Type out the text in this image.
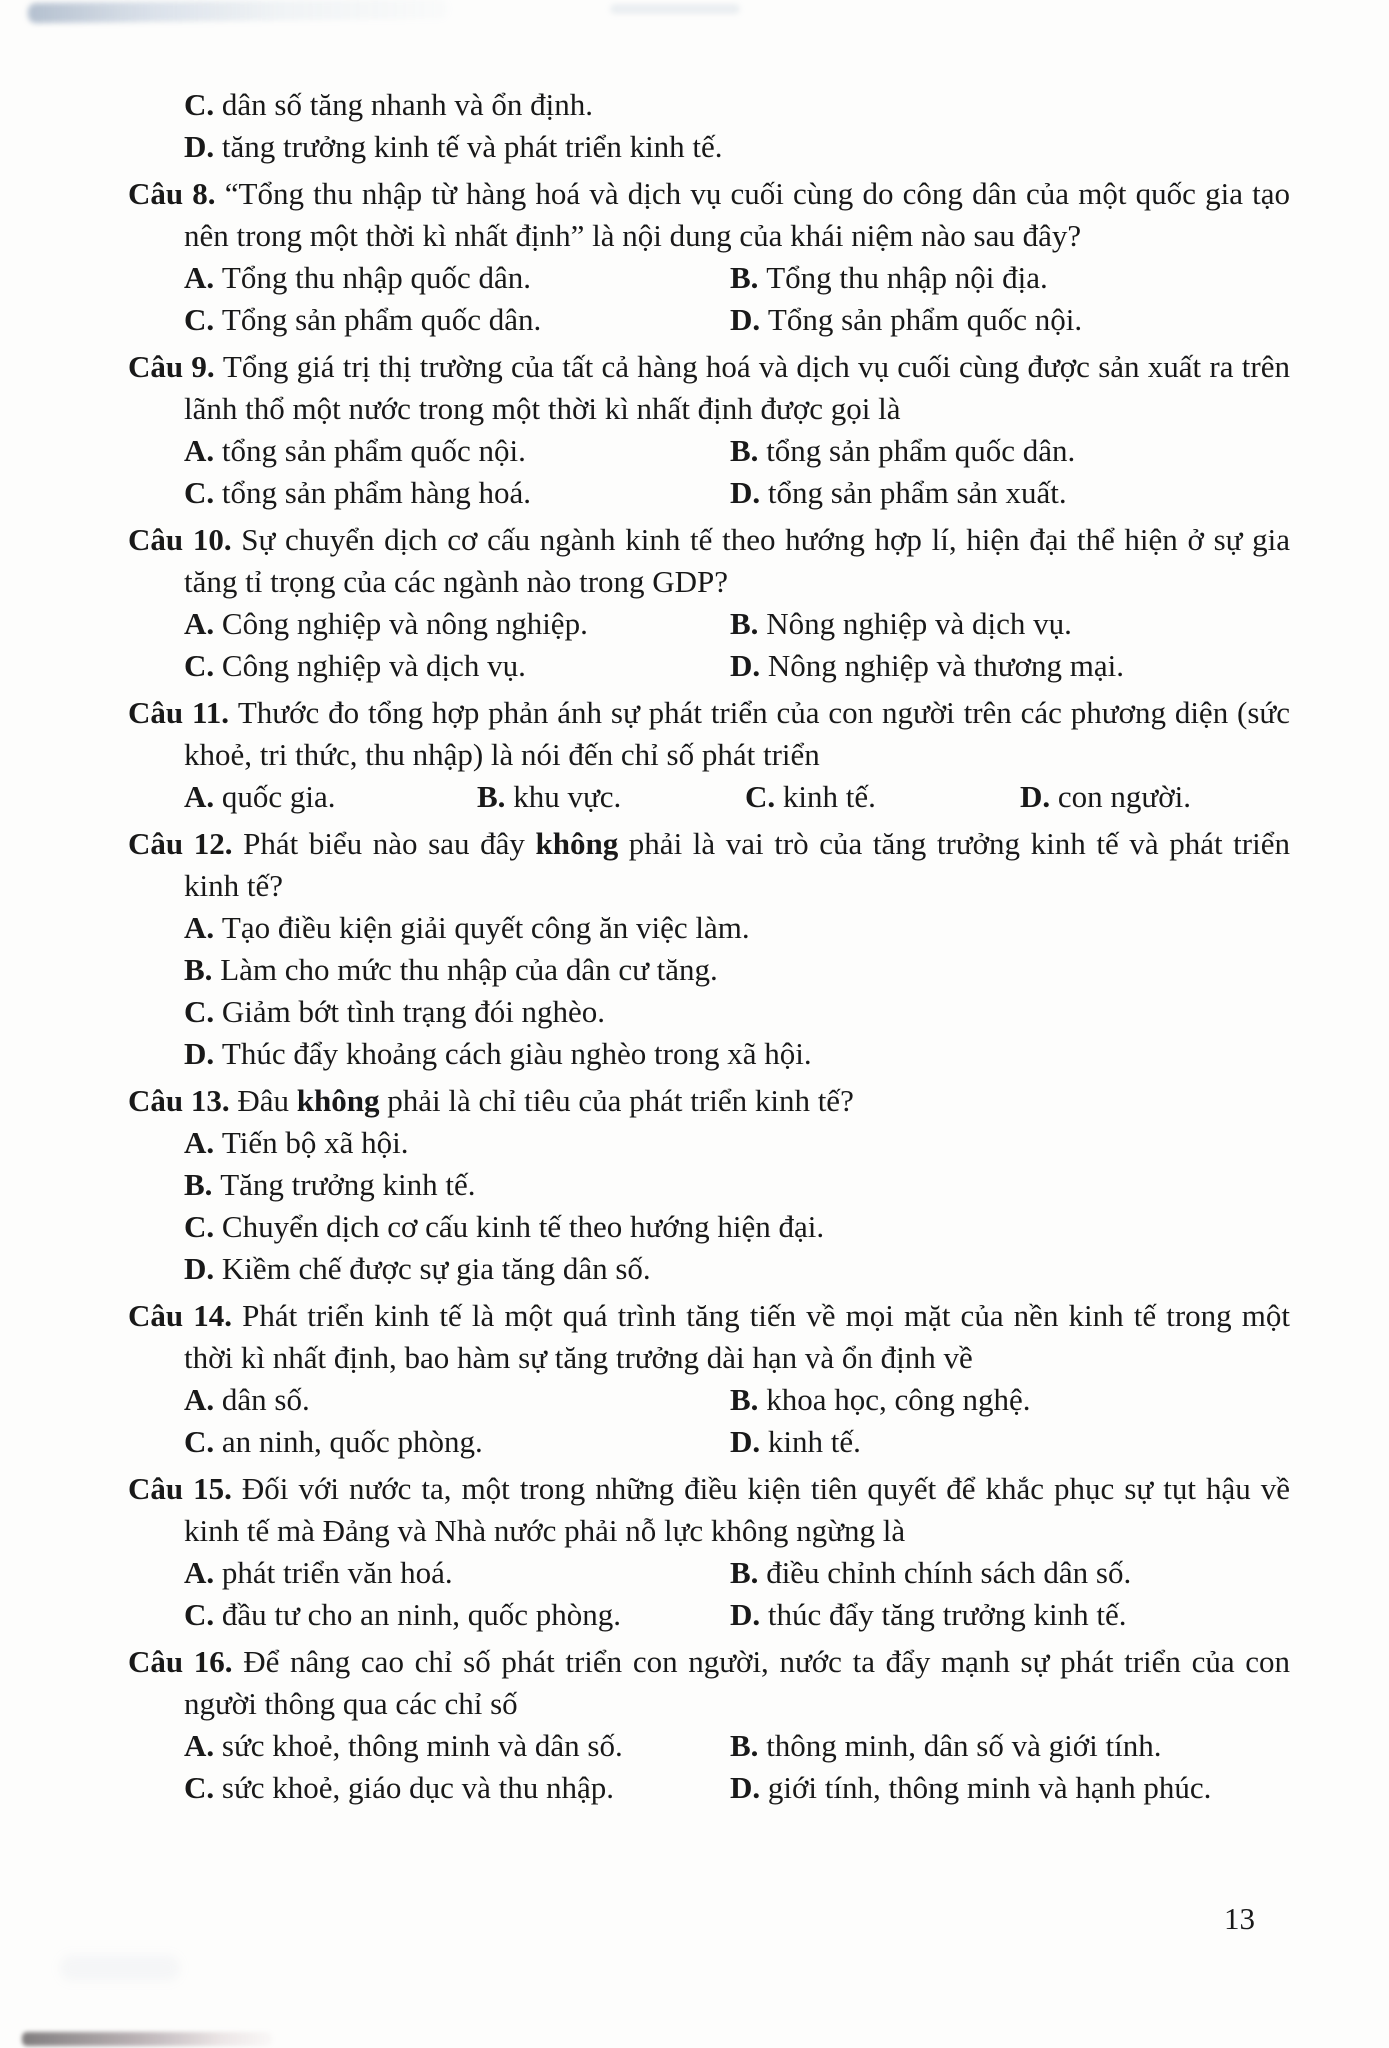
C. dân số tăng nhanh và ổn định.
D. tăng trưởng kinh tế và phát triển kinh tế.

Câu 8. “Tổng thu nhập từ hàng hoá và dịch vụ cuối cùng do công dân của một quốc gia tạo nên trong một thời kì nhất định” là nội dung của khái niệm nào sau đây?

A. Tổng thu nhập quốc dân.	B. Tổng thu nhập nội địa.
C. Tổng sản phẩm quốc dân.	D. Tổng sản phẩm quốc nội.

Câu 9. Tổng giá trị thị trường của tất cả hàng hoá và dịch vụ cuối cùng được sản xuất ra trên lãnh thổ một nước trong một thời kì nhất định được gọi là

A. tổng sản phẩm quốc nội.	B. tổng sản phẩm quốc dân.
C. tổng sản phẩm hàng hoá.	D. tổng sản phẩm sản xuất.

Câu 10. Sự chuyển dịch cơ cấu ngành kinh tế theo hướng hợp lí, hiện đại thể hiện ở sự gia tăng tỉ trọng của các ngành nào trong GDP?

A. Công nghiệp và nông nghiệp.	B. Nông nghiệp và dịch vụ.
C. Công nghiệp và dịch vụ.	D. Nông nghiệp và thương mại.

Câu 11. Thước đo tổng hợp phản ánh sự phát triển của con người trên các phương diện (sức khoẻ, tri thức, thu nhập) là nói đến chỉ số phát triển

A. quốc gia.	B. khu vực.	C. kinh tế.	D. con người.

Câu 12. Phát biểu nào sau đây không phải là vai trò của tăng trưởng kinh tế và phát triển kinh tế?

A. Tạo điều kiện giải quyết công ăn việc làm.
B. Làm cho mức thu nhập của dân cư tăng.
C. Giảm bớt tình trạng đói nghèo.
D. Thúc đẩy khoảng cách giàu nghèo trong xã hội.

Câu 13. Đâu không phải là chỉ tiêu của phát triển kinh tế?

A. Tiến bộ xã hội.
B. Tăng trưởng kinh tế.
C. Chuyển dịch cơ cấu kinh tế theo hướng hiện đại.
D. Kiềm chế được sự gia tăng dân số.

Câu 14. Phát triển kinh tế là một quá trình tăng tiến về mọi mặt của nền kinh tế trong một thời kì nhất định, bao hàm sự tăng trưởng dài hạn và ổn định về

A. dân số.	B. khoa học, công nghệ.
C. an ninh, quốc phòng.	D. kinh tế.

Câu 15. Đối với nước ta, một trong những điều kiện tiên quyết để khắc phục sự tụt hậu về kinh tế mà Đảng và Nhà nước phải nỗ lực không ngừng là

A. phát triển văn hoá.	B. điều chỉnh chính sách dân số.
C. đầu tư cho an ninh, quốc phòng.	D. thúc đẩy tăng trưởng kinh tế.

Câu 16. Để nâng cao chỉ số phát triển con người, nước ta đẩy mạnh sự phát triển của con người thông qua các chỉ số

A. sức khoẻ, thông minh và dân số.	B. thông minh, dân số và giới tính.
C. sức khoẻ, giáo dục và thu nhập.	D. giới tính, thông minh và hạnh phúc.
13
